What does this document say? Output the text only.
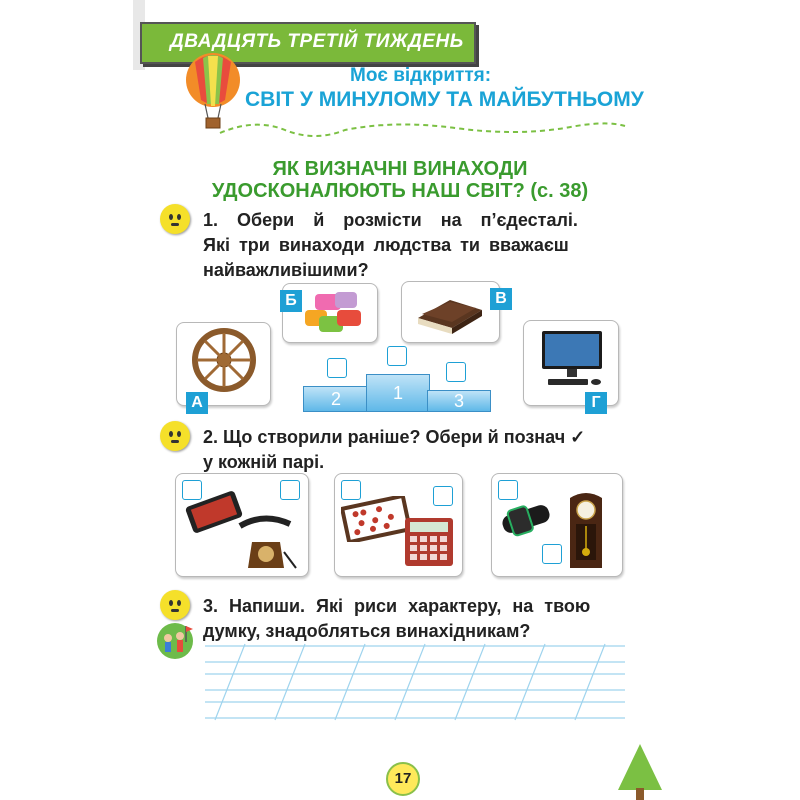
ДВАДЦЯТЬ ТРЕТІЙ ТИЖДЕНЬ
Моє відкриття:
СВІТ У МИНУЛОМУ ТА МАЙБУТНЬОМУ
ЯК ВИЗНАЧНІ ВИНАХОДИ
УДОСКОНАЛЮЮТЬ НАШ СВІТ? (с. 38)
1. Обери й розмісти на п’єдесталі.
Які три винаходи людства ти вважаєш
найважливішими?
А
Б	В
Г
2	1	3
2. Що створили раніше? Обери й познач ✓
у кожній парі.
3. Напиши. Які риси характеру, на твою
думку, знадобляться винахідникам?
17
